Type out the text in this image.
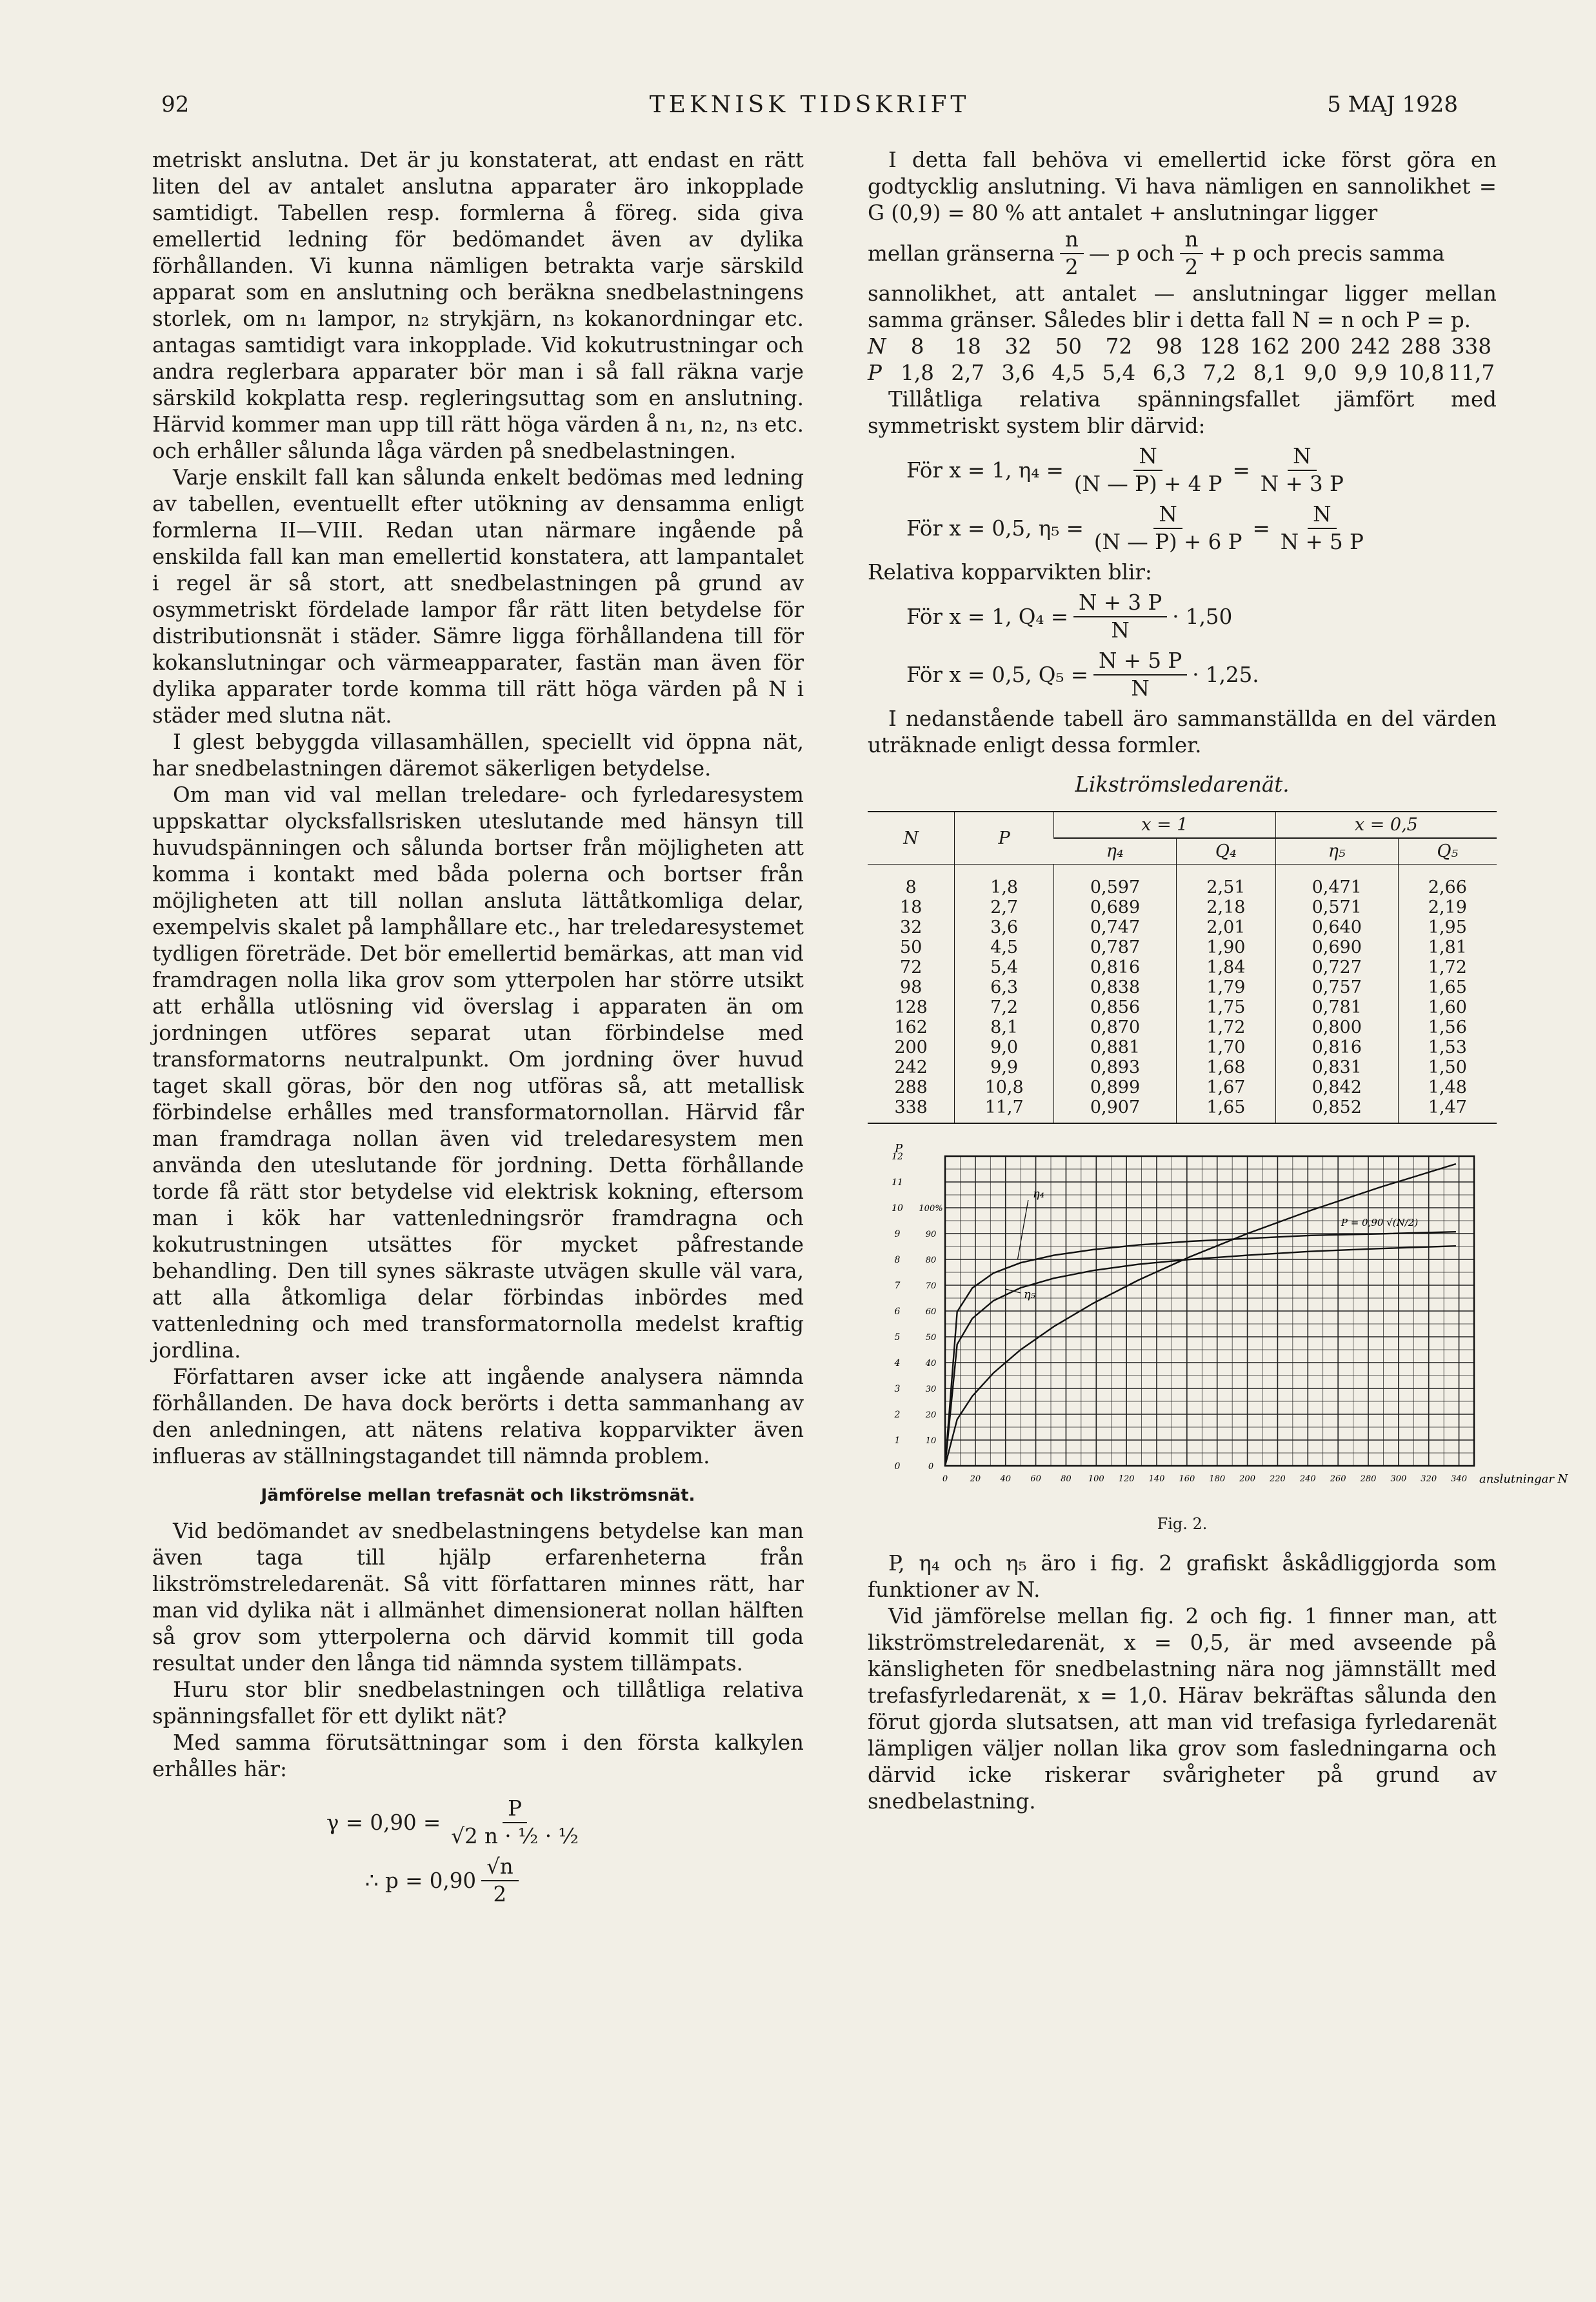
92	TEKNISK TIDSKRIFT	5 MAJ 1928

metriskt anslutna. Det är ju konstaterat, att endast en rätt liten del av antalet anslutna apparater äro inkopplade samtidigt. Tabellen resp. formlerna å föreg. sida giva emellertid ledning för bedömandet även av dylika förhållanden. Vi kunna nämligen betrakta varje särskild apparat som en anslutning och beräkna snedbelastningens storlek, om n₁ lampor, n₂ strykjärn, n₃ kokanordningar etc. antagas samtidigt vara inkopplade. Vid kokutrustningar och andra reglerbara apparater bör man i så fall räkna varje särskild kokplatta resp. regleringsuttag som en anslutning. Härvid kommer man upp till rätt höga värden å n₁, n₂, n₃ etc. och erhåller sålunda låga värden på snedbelastningen.

Varje enskilt fall kan sålunda enkelt bedömas med ledning av tabellen, eventuellt efter utökning av densamma enligt formlerna II—VIII. Redan utan närmare ingående på enskilda fall kan man emellertid konstatera, att lampantalet i regel är så stort, att snedbelastningen på grund av osymmetriskt fördelade lampor får rätt liten betydelse för distributionsnät i städer. Sämre ligga förhållandena till för kokanslutningar och värmeapparater, fastän man även för dylika apparater torde komma till rätt höga värden på N i städer med slutna nät.

I glest bebyggda villasamhällen, speciellt vid öppna nät, har snedbelastningen däremot säkerligen betydelse.

Om man vid val mellan treledare- och fyrledaresystem uppskattar olycksfallsrisken uteslutande med hänsyn till huvudspänningen och sålunda bortser från möjligheten att komma i kontakt med båda polerna och bortser från möjligheten att till nollan ansluta lättåtkomliga delar, exempelvis skalet på lamphållare etc., har treledaresystemet tydligen företräde. Det bör emellertid bemärkas, att man vid framdragen nolla lika grov som ytterpolen har större utsikt att erhålla utlösning vid överslag i apparaten än om jordningen utföres separat utan förbindelse med transformatorns neutralpunkt. Om jordning över huvud taget skall göras, bör den nog utföras så, att metallisk förbindelse erhålles med transformatornollan. Härvid får man framdraga nollan även vid treledaresystem men använda den uteslutande för jordning. Detta förhållande torde få rätt stor betydelse vid elektrisk kokning, eftersom man i kök har vattenledningsrör framdragna och kokutrustningen utsättes för mycket påfrestande behandling. Den till synes säkraste utvägen skulle väl vara, att alla åtkomliga delar förbindas inbördes med vattenledning och med transformatornolla medelst kraftig jordlina.

Författaren avser icke att ingående analysera nämnda förhållanden. De hava dock berörts i detta sammanhang av den anledningen, att nätens relativa kopparvikter även influeras av ställningstagandet till nämnda problem.

Jämförelse mellan trefasnät och likströmsnät.

Vid bedömandet av snedbelastningens betydelse kan man även taga till hjälp erfarenheterna från likströmstreledarenät. Så vitt författaren minnes rätt, har man vid dylika nät i allmänhet dimensionerat nollan hälften så grov som ytterpolerna och därvid kommit till goda resultat under den långa tid nämnda system tillämpats.

Huru stor blir snedbelastningen och tillåtliga relativa spänningsfallet för ett dylikt nät?

Med samma förutsättningar som i den första kalkylen erhålles här:

$\gamma = 0,90 = \frac{P}{\text{√2 n · ½ · ½}}$
∴ $p = 0,90 \frac{√n}{2}$

I detta fall behöva vi emellertid icke först göra en godtycklig anslutning. Vi hava nämligen en sannolikhet = G (0,9) = 80 % att antalet + anslutningar ligger

mellan gränserna $\frac{n}{2}$ — p och $\frac{n}{2} + p$ och precis samma

sannolikhet, att antalet — anslutningar ligger mellan samma gränser. Således blir i detta fall N = n och P = p.

N	8	18	32	50	72	98 128 162 200 242 288 338
P 1,8 2,7 3,6 4,5 5,4 6,3 7,2 8,1 9,0 9,9 10,8 11,7

Tillåtliga relativa spänningsfallet jämfört med symmetriskt system blir därvid:

För x = 1, $\eta_4 = \frac{N}{(N — P) + 4 P} = \frac{N}{N + 3 P}$
För x = 0,5, $\eta_5 = \frac{N}{(N — P) + 6 P} = \frac{N}{N + 5 P}$

Relativa kopparvikten blir:

För x = 1, $Q_4 = \frac{N + 3 P}{N} \cdot 1,50$
För x = 0,5, $Q_5 = \frac{N + 5 P}{N} \cdot 1,25$.

I nedanstående tabell äro sammanställda en del värden uträknade enligt dessa formler.

Likströmsledarenät.
N	P	x = 1		x = 0,5	
		η₄	Q₄	η₅	Q₅
8	1,8	0,597	2,51	0,471	2,66
18	2,7	0,689	2,18	0,571	2,19
32	3,6	0,747	2,01	0,640	1,95
50	4,5	0,787	1,90	0,690	1,81
72	5,4	0,816	1,84	0,727	1,72
98	6,3	0,838	1,79	0,757	1,65
128	7,2	0,856	1,75	0,781	1,60
162	8,1	0,870	1,72	0,800	1,56
200	9,0	0,881	1,70	0,816	1,53
242	9,9	0,893	1,68	0,831	1,50
288	10,8	0,899	1,67	0,842	1,48
338	11,7	0,907	1,65	0,852	1,47
0	20 40 60 80 100 120 140 160 180 200 220 240 260 280 300 320 340 anslutningar N
0
1
2
3
4
5
6
7
8
9
10
11
12
P
0
10
20
30
40
50
60
70
80
90
100%
P = 0,90 √(N/2)
η₄
η₅
Fig. 2.

P, η₄ och η₅ äro i fig. 2 grafiskt åskådliggjorda som funktioner av N.

Vid jämförelse mellan fig. 2 och fig. 1 finner man, att likströmstreledarenät, x = 0,5, är med avseende på känsligheten för snedbelastning nära nog jämnställt med trefasfyrledarenät, x = 1,0. Härav bekräftas sålunda den förut gjorda slutsatsen, att man vid trefasiga fyrledarenät lämpligen väljer nollan lika grov som fasledningarna och därvid icke riskerar svårigheter på grund av snedbelastning.
